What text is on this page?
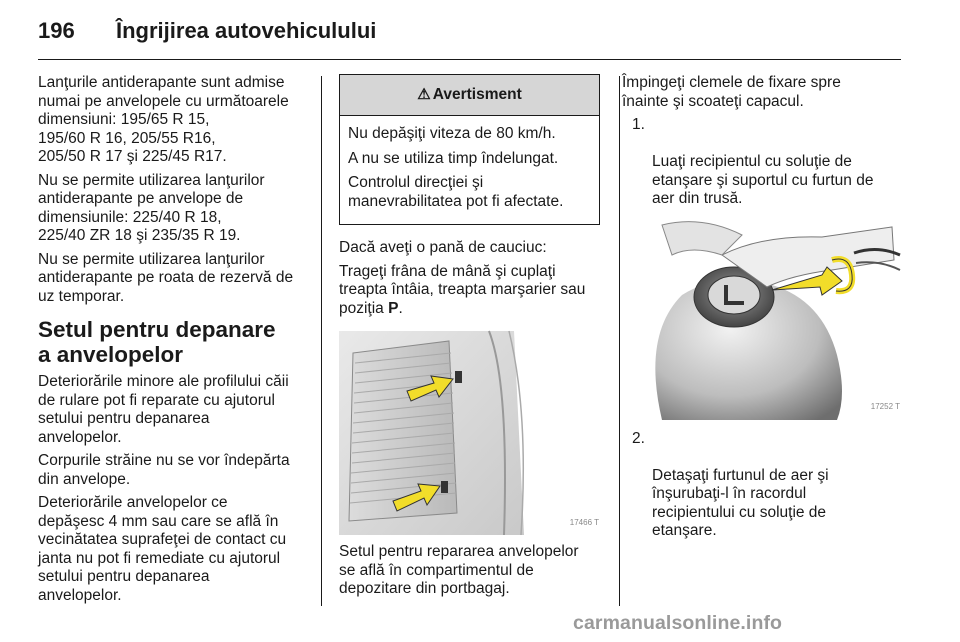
196 Îngrijirea autovehiculului

Lanţurile antiderapante sunt admise
numai pe anvelopele cu următoarele
dimensiuni: 195/65 R 15,
195/60 R 16, 205/55 R16,
205/50 R 17 şi 225/45 R17.

Nu se permite utilizarea lanţurilor
antiderapante pe anvelope de
dimensiunile: 225/40 R 18,
225/40 ZR 18 şi 235/35 R 19.

Nu se permite utilizarea lanţurilor
antiderapante pe roata de rezervă de
uz temporar.

Setul pentru depanare
a anvelopelor

Deteriorările minore ale profilului căii
de rulare pot fi reparate cu ajutorul
setului pentru depanarea
anvelopelor.

Corpurile străine nu se vor îndepărta
din anvelope.

Deteriorările anvelopelor ce
depăşesc 4 mm sau care se află în
vecinătatea suprafeţei de contact cu
janta nu pot fi remediate cu ajutorul
setului pentru depanarea
anvelopelor.

⚠ Avertisment

Nu depăşiţi viteza de 80 km/h.

A nu se utiliza timp îndelungat.

Controlul direcţiei şi
manevrabilitatea pot fi afectate.

Dacă aveţi o pană de cauciuc:

Trageţi frâna de mână şi cuplaţi
treapta întâia, treapta marşarier sau
poziţia P.

17466 T

Setul pentru repararea anvelopelor
se află în compartimentul de
depozitare din portbagaj.

Împingeţi clemele de fixare spre
înainte şi scoateţi capacul.

1.

Luaţi recipientul cu soluţie de
etanşare şi suportul cu furtun de
aer din trusă.

17252 T

2.

Detaşaţi furtunul de aer şi
înşurubaţi-l în racordul
recipientului cu soluţie de
etanşare.

carmanualsonline.info
